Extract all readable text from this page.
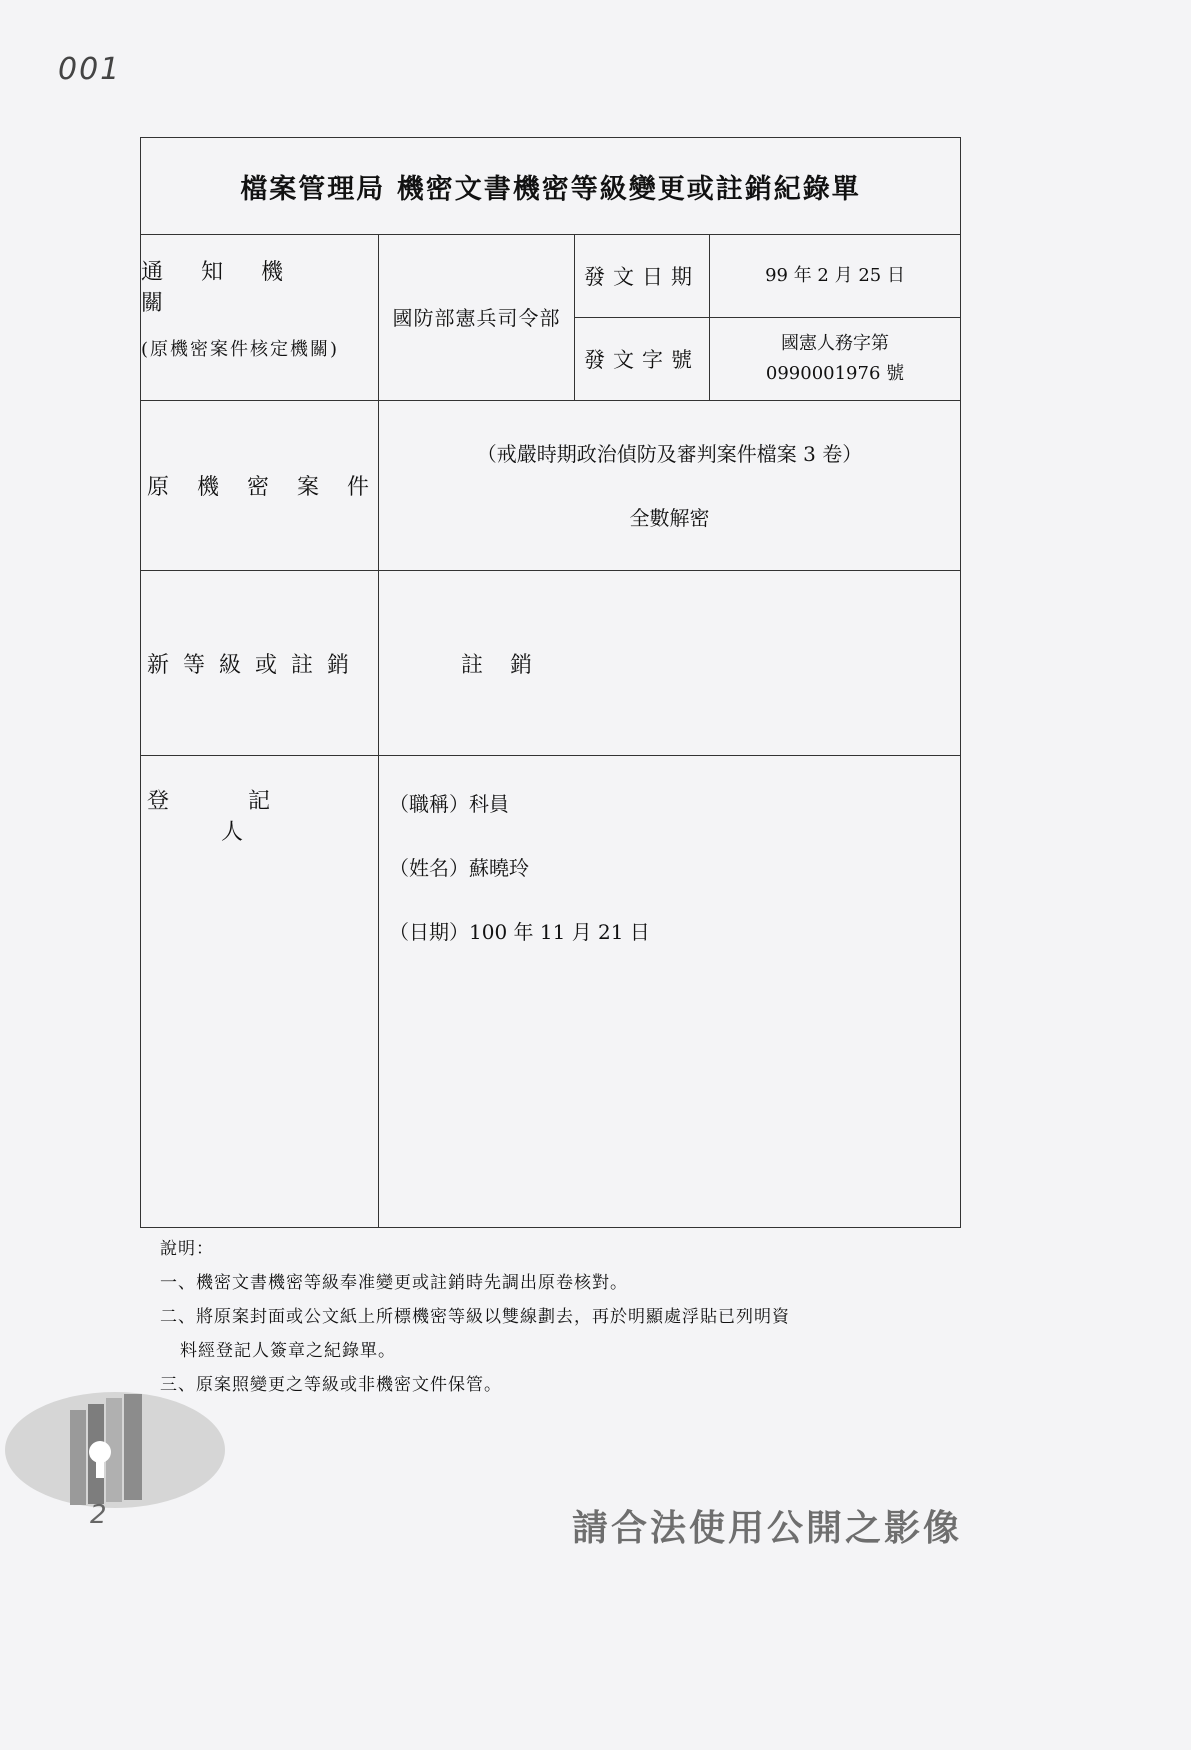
001
檔案管理局 機密文書機密等級變更或註銷紀錄單			

通知機關
(原機密案件核定機關)	國防部憲兵司令部	發文日期	99 年 2 月 25 日
		發文字號	國憲人務字第
0990001976 號

原機密案件	（戒嚴時期政治偵防及審判案件檔案 3 卷）
全數解密		

新等級或註銷	註 銷		
登 記 人	（職稱）科員
（姓名）蘇曉玲
（日期）100 年 11 月 21 日		
說明：
一、機密文書機密等級奉准變更或註銷時先調出原卷核對。
二、將原案封面或公文紙上所標機密等級以雙線劃去，再於明顯處浮貼已列明資
料經登記人簽章之紀錄單。
三、原案照變更之等級或非機密文件保管。
2	請合法使用公開之影像
